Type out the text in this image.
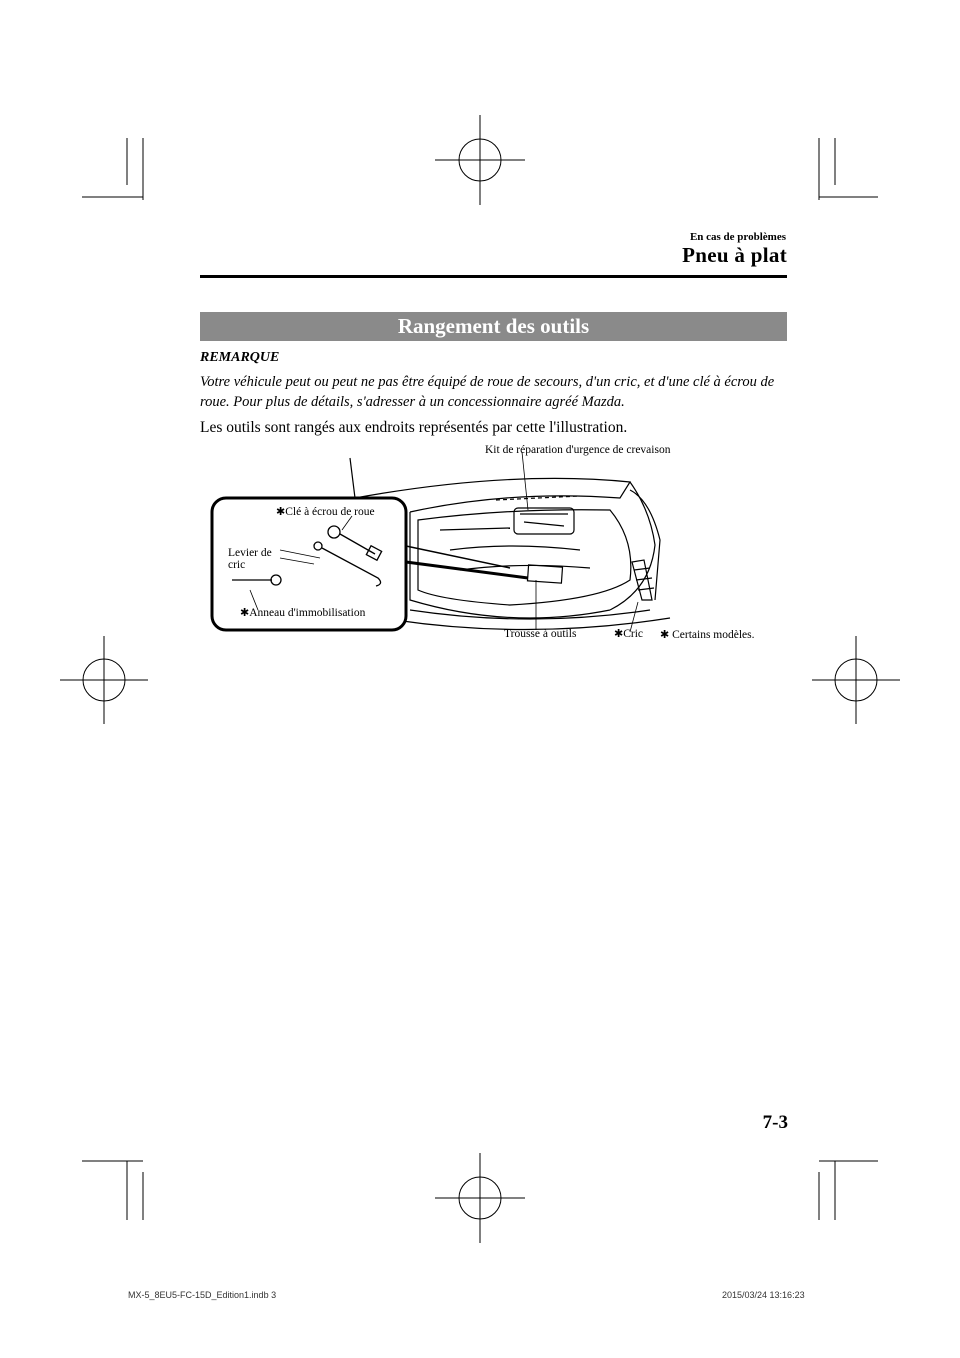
En cas de problèmes
Pneu à plat
Rangement des outils
REMARQUE
Votre véhicule peut ou peut ne pas être équipé de roue de secours, d'un cric, et d'une clé à écrou de roue. Pour plus de détails, s'adresser à un concessionnaire agréé Mazda.
Les outils sont rangés aux endroits représentés par cette l'illustration.
Kit de réparation d'urgence de crevaison
✱Clé à écrou de roue
Levier de
cric
✱Anneau d'immobilisation
Trousse à outils	✱Cric ✱ Certains modèles.
7-3
MX-5_8EU5-FC-15D_Edition1.indb 3	2015/03/24 13:16:23
